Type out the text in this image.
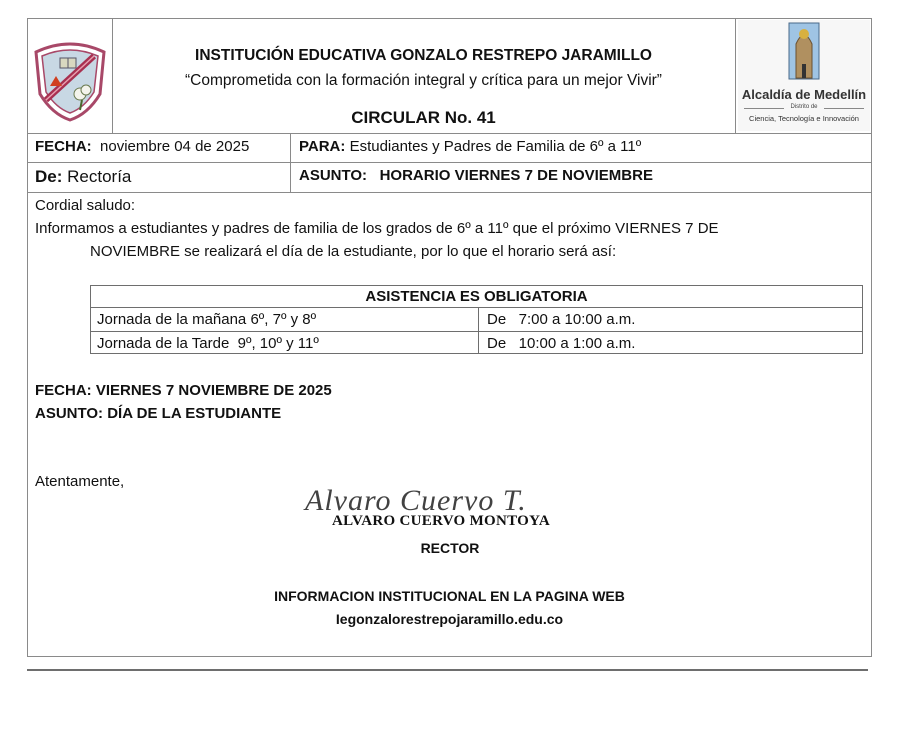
INSTITUCIÓN EDUCATIVA GONZALO RESTREPO JARAMILLO
“Comprometida con la formación integral y crítica para un mejor Vivir”
CIRCULAR No. 41
Alcaldía de Medellín
Distrito de
Ciencia, Tecnología e Innovación
FECHA: noviembre 04 de 2025	PARA: Estudiantes y Padres de Familia de 6º a 11º
De: Rectoría	ASUNTO: HORARIO VIERNES 7 DE NOVIEMBRE
Cordial saludo:
Informamos a estudiantes y padres de familia de los grados de 6º a 11º que el próximo VIERNES 7 DE
NOVIEMBRE se realizará el día de la estudiante, por lo que el horario será así:
ASISTENCIA ES OBLIGATORIA
Jornada de la mañana 6º, 7º y 8º	De   7:00 a 10:00 a.m.
Jornada de la Tarde  9º, 10º y 11º	De   10:00 a 1:00 a.m.
FECHA: VIERNES 7 NOVIEMBRE DE 2025
ASUNTO: DÍA DE LA ESTUDIANTE
Atentamente,
Alvaro Cuervo T.
ALVARO CUERVO MONTOYA
RECTOR
INFORMACION INSTITUCIONAL EN LA PAGINA WEB
Iegonzalorestrepojaramillo.edu.co
